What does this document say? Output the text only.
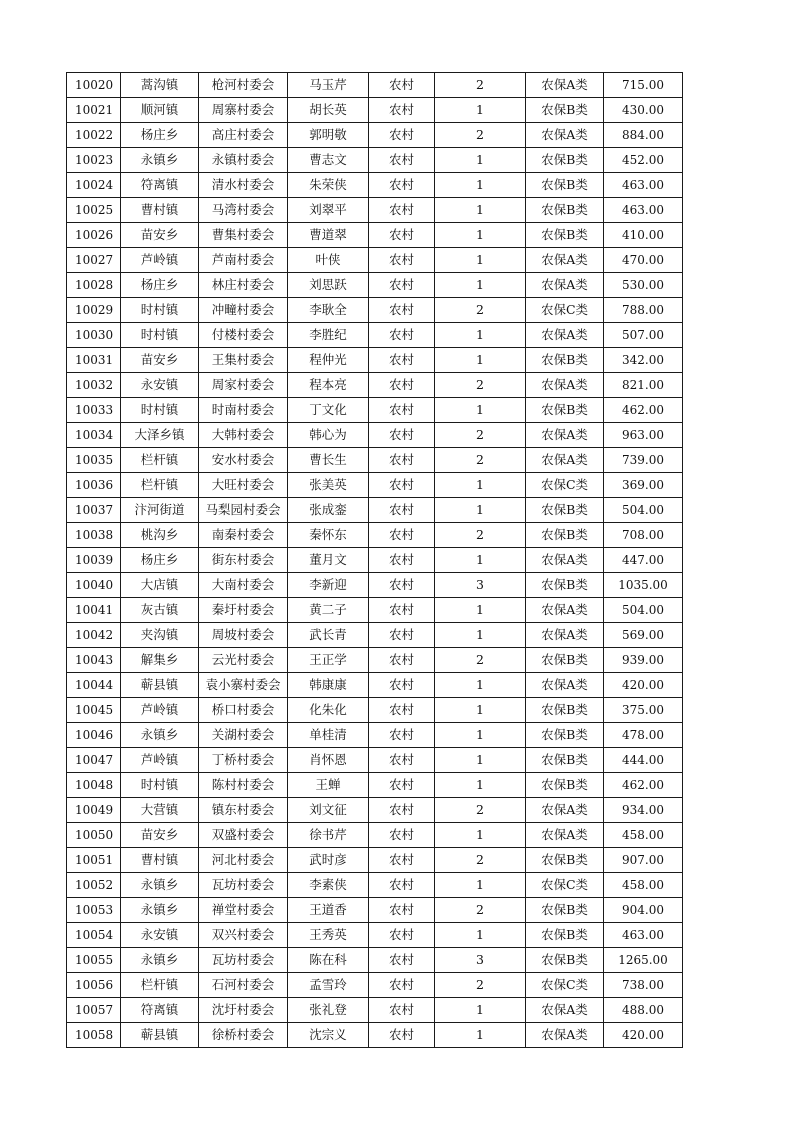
10020	蒿沟镇	枪河村委会	马玉芹	农村	2	农保A类	715.00
10021	顺河镇	周寨村委会	胡长英	农村	1	农保B类	430.00
10022	杨庄乡	高庄村委会	郭明敬	农村	2	农保A类	884.00
10023	永镇乡	永镇村委会	曹志文	农村	1	农保B类	452.00
10024	符离镇	清水村委会	朱荣侠	农村	1	农保B类	463.00
10025	曹村镇	马湾村委会	刘翠平	农村	1	农保B类	463.00
10026	苗安乡	曹集村委会	曹道翠	农村	1	农保B类	410.00
10027	芦岭镇	芦南村委会	叶侠	农村	1	农保A类	470.00
10028	杨庄乡	林庄村委会	刘思跃	农村	1	农保A类	530.00
10029	时村镇	冲疃村委会	李耿全	农村	2	农保C类	788.00
10030	时村镇	付楼村委会	李胜纪	农村	1	农保A类	507.00
10031	苗安乡	王集村委会	程仲光	农村	1	农保B类	342.00
10032	永安镇	周家村委会	程本亮	农村	2	农保A类	821.00
10033	时村镇	时南村委会	丁文化	农村	1	农保B类	462.00
10034	大泽乡镇	大韩村委会	韩心为	农村	2	农保A类	963.00
10035	栏杆镇	安水村委会	曹长生	农村	2	农保A类	739.00
10036	栏杆镇	大旺村委会	张美英	农村	1	农保C类	369.00
10037	汴河街道	马梨园村委会	张成銮	农村	1	农保B类	504.00
10038	桃沟乡	南秦村委会	秦怀东	农村	2	农保B类	708.00
10039	杨庄乡	街东村委会	董月文	农村	1	农保A类	447.00
10040	大店镇	大南村委会	李新迎	农村	3	农保B类	1035.00
10041	灰古镇	秦圩村委会	黄二子	农村	1	农保A类	504.00
10042	夹沟镇	周坡村委会	武长青	农村	1	农保A类	569.00
10043	解集乡	云光村委会	王正学	农村	2	农保B类	939.00
10044	蕲县镇	袁小寨村委会	韩康康	农村	1	农保A类	420.00
10045	芦岭镇	桥口村委会	化朱化	农村	1	农保B类	375.00
10046	永镇乡	关湖村委会	单桂清	农村	1	农保B类	478.00
10047	芦岭镇	丁桥村委会	肖怀恩	农村	1	农保B类	444.00
10048	时村镇	陈村村委会	王蝉	农村	1	农保B类	462.00
10049	大营镇	镇东村委会	刘文征	农村	2	农保A类	934.00
10050	苗安乡	双盛村委会	徐书芹	农村	1	农保A类	458.00
10051	曹村镇	河北村委会	武时彦	农村	2	农保B类	907.00
10052	永镇乡	瓦坊村委会	李素侠	农村	1	农保C类	458.00
10053	永镇乡	禅堂村委会	王道香	农村	2	农保B类	904.00
10054	永安镇	双兴村委会	王秀英	农村	1	农保B类	463.00
10055	永镇乡	瓦坊村委会	陈在科	农村	3	农保B类	1265.00
10056	栏杆镇	石河村委会	孟雪玲	农村	2	农保C类	738.00
10057	符离镇	沈圩村委会	张礼登	农村	1	农保A类	488.00
10058	蕲县镇	徐桥村委会	沈宗义	农村	1	农保A类	420.00
